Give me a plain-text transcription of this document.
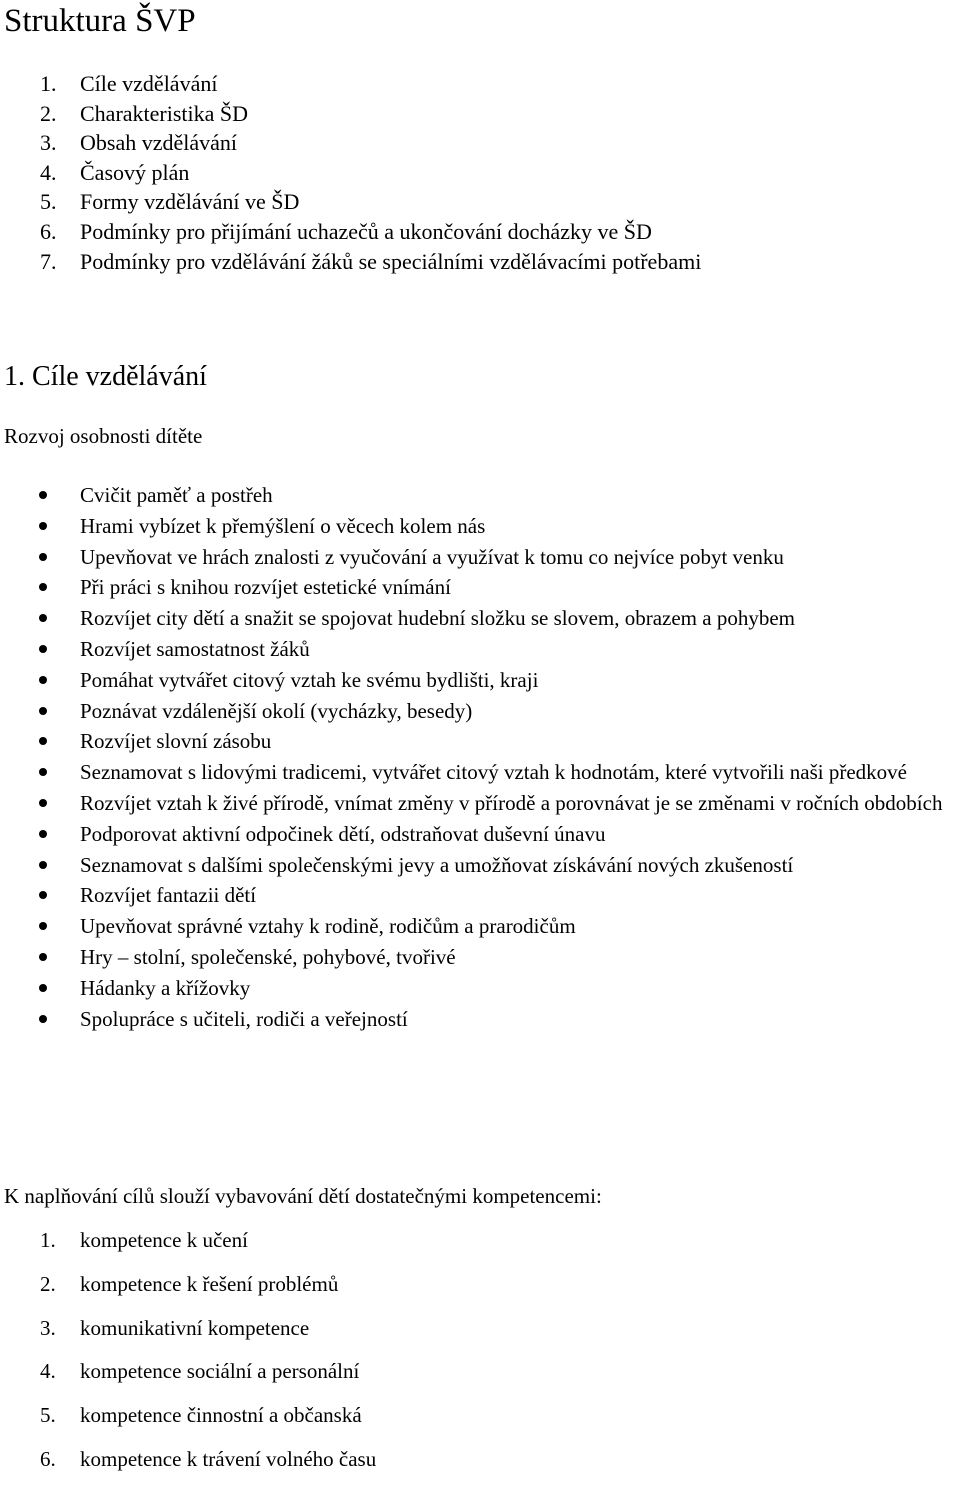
Struktura ŠVP
1. Cíle vzdělávání
2. Charakteristika ŠD
3. Obsah vzdělávání
4. Časový plán
5. Formy vzdělávání ve ŠD
6. Podmínky pro přijímání uchazečů a ukončování docházky ve ŠD
7. Podmínky pro vzdělávání žáků se speciálními vzdělávacími potřebami
1. Cíle vzdělávání
Rozvoj osobnosti dítěte
Cvičit paměť a postřeh
Hrami vybízet k přemýšlení o věcech kolem nás
Upevňovat ve hrách znalosti z vyučování a využívat k tomu co nejvíce pobyt venku
Při práci s knihou rozvíjet estetické vnímání
Rozvíjet city dětí a snažit se spojovat hudební složku se slovem, obrazem a pohybem
Rozvíjet samostatnost žáků
Pomáhat vytvářet citový vztah ke svému bydlišti, kraji
Poznávat vzdálenější okolí (vycházky, besedy)
Rozvíjet slovní zásobu
Seznamovat s lidovými tradicemi, vytvářet citový vztah k hodnotám, které vytvořili naši předkové
Rozvíjet vztah k živé přírodě, vnímat změny v přírodě a porovnávat je se změnami v ročních obdobích
Podporovat aktivní odpočinek dětí, odstraňovat duševní únavu
Seznamovat s dalšími společenskými jevy a umožňovat získávání nových zkušeností
Rozvíjet fantazii dětí
Upevňovat správné vztahy k rodině, rodičům a prarodičům
Hry – stolní, společenské, pohybové, tvořivé
Hádanky a křížovky
Spolupráce s učiteli, rodiči a veřejností
K naplňování cílů slouží vybavování dětí dostatečnými kompetencemi:
1. kompetence k učení
2. kompetence k řešení problémů
3. komunikativní kompetence
4. kompetence sociální a personální
5. kompetence činnostní a občanská
6. kompetence k trávení volného času
